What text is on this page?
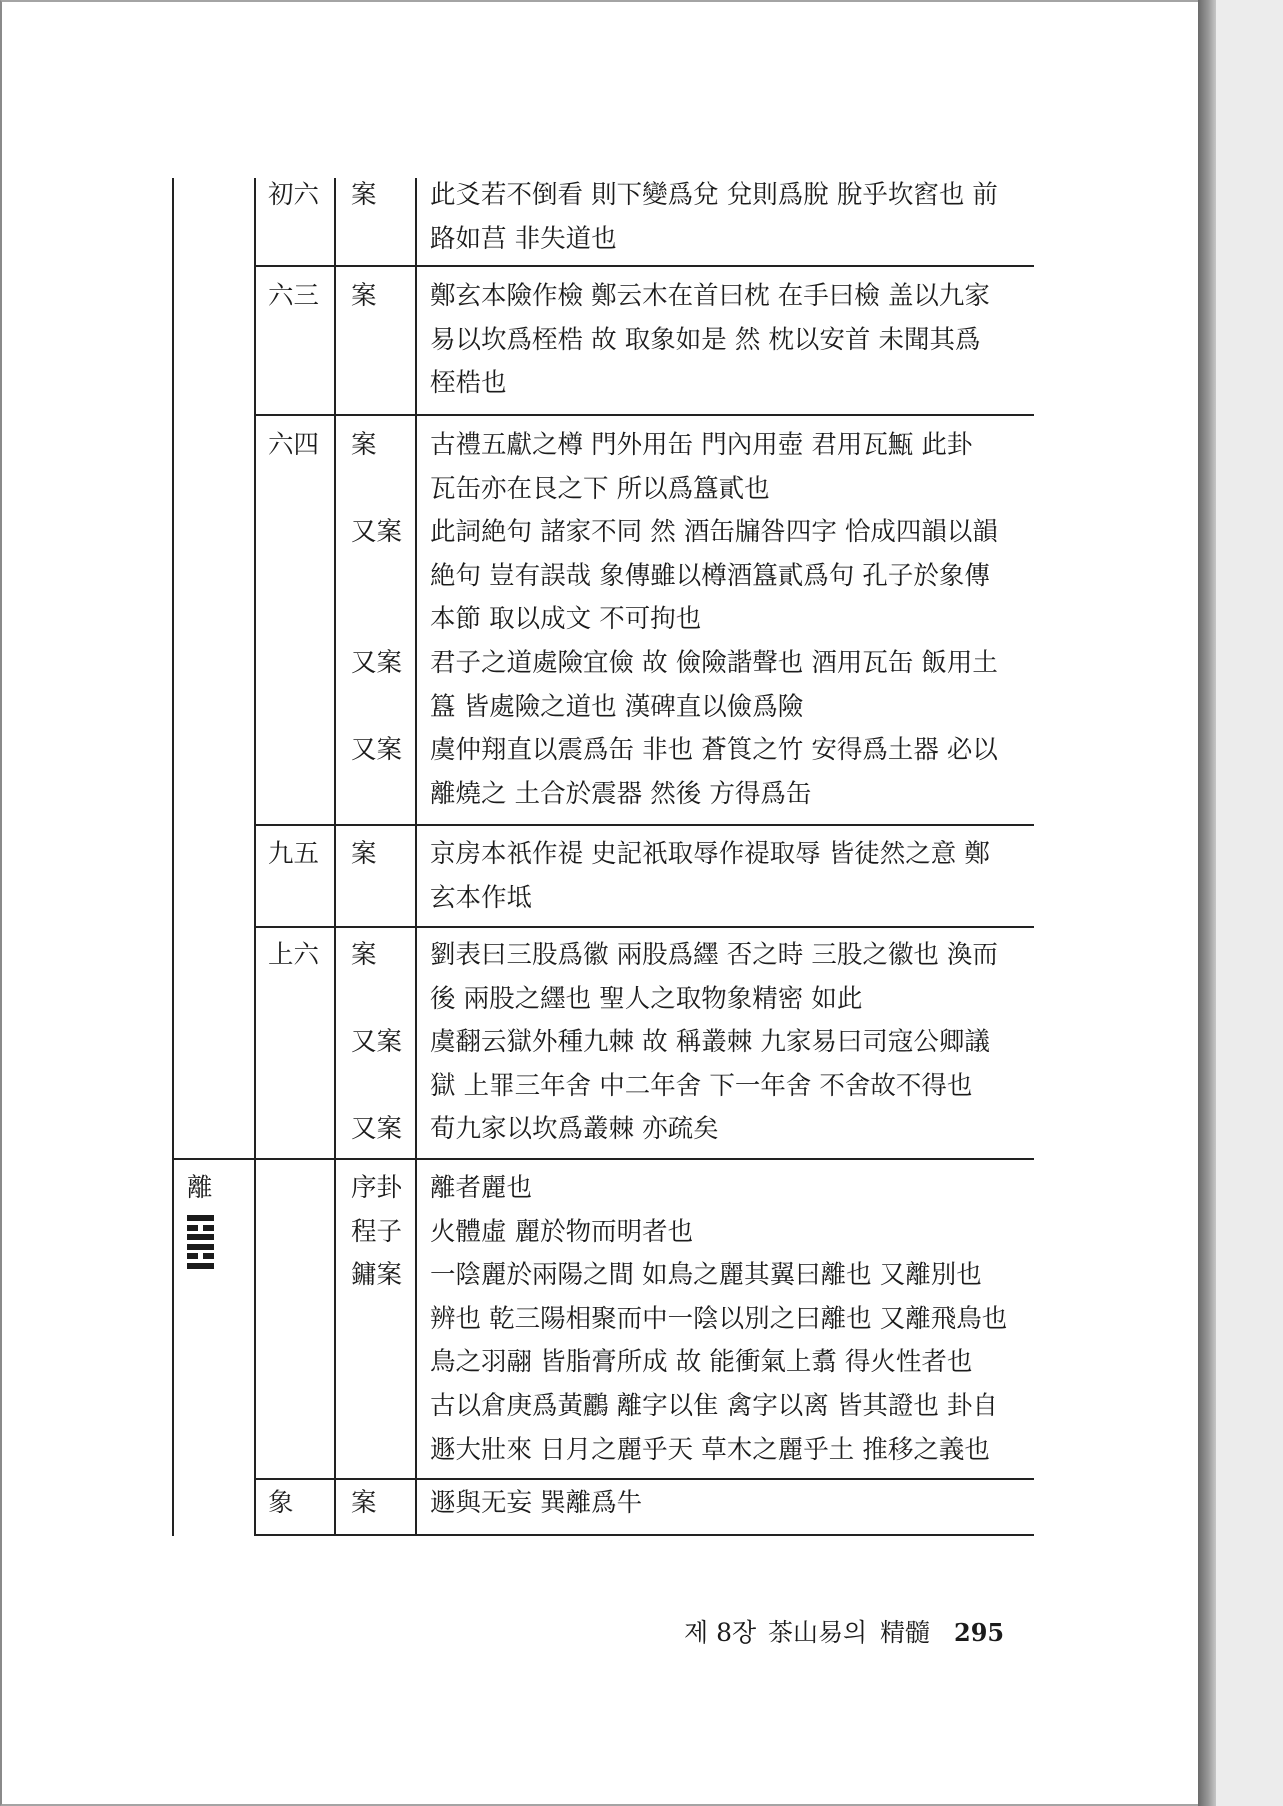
初六 案	此爻若不倒看 則下變爲兌 兌則爲脫 脫乎坎窞也 前
路如莒 非失道也
六三 案	鄭玄本險作檢 鄭云木在首曰枕 在手曰檢 盖以九家
易以坎爲桎梏 故 取象如是 然 枕以安首 未聞其爲
桎梏也
六四 案	古禮五獻之樽 門外用缶 門內用壺 君用瓦甒 此卦
瓦缶亦在艮之下 所以爲簋貳也
又案	此詞絶句 諸家不同 然 酒缶牖咎四字 恰成四韻以韻
絶句 豈有誤哉 象傳雖以樽酒簋貳爲句 孔子於象傳
本節 取以成文 不可拘也
又案	君子之道處險宜儉 故 儉險諧聲也 酒用瓦缶 飯用土
簋 皆處險之道也 漢碑直以儉爲險
又案	虞仲翔直以震爲缶 非也 蒼筤之竹 安得爲土器 必以
離燒之 土合於震器 然後 方得爲缶
九五 案	京房本祇作禔 史記祇取辱作禔取辱 皆徒然之意 鄭
玄本作坻
上六 案	劉表曰三股爲徽 兩股爲纆 否之時 三股之徽也 渙而
後 兩股之纆也 聖人之取物象精密 如此
又案	虞翻云獄外種九棘 故 稱叢棘 九家易曰司寇公卿議
獄 上罪三年舍 中二年舍 下一年舍 不舍故不得也
又案	荀九家以坎爲叢棘 亦疏矣
離	序卦	離者麗也
程子	火體虛 麗於物而明者也
鏞案	一陰麗於兩陽之間 如鳥之麗其翼曰離也 又離別也
辨也 乾三陽相聚而中一陰以別之曰離也 又離飛鳥也
鳥之羽翮 皆脂膏所成 故 能衝氣上翥 得火性者也
古以倉庚爲黃鸝 離字以隹 禽字以离 皆其證也 卦自
遯大壯來 日月之麗乎天 草木之麗乎土 推移之義也
象 案	遯與无妄 巽離爲牛
제 8장 茶山易의 精髓 295
